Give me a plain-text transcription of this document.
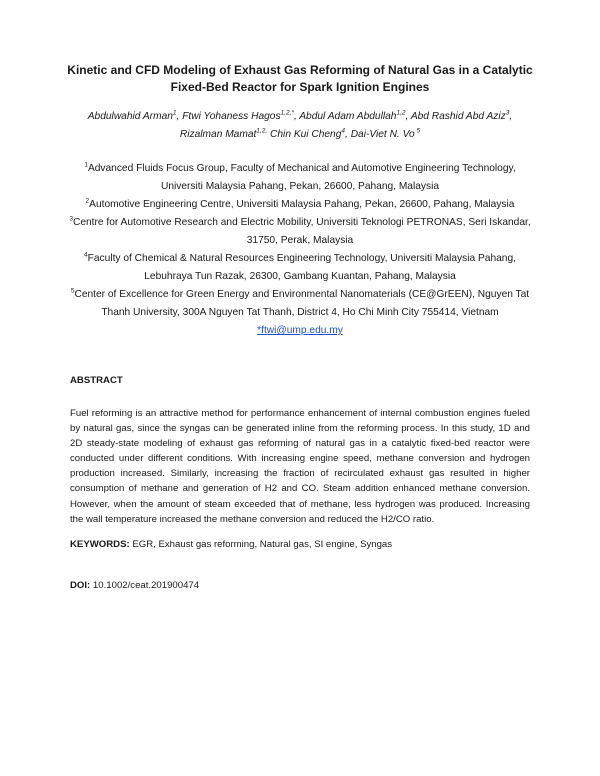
Kinetic and CFD Modeling of Exhaust Gas Reforming of Natural Gas in a Catalytic
Fixed-Bed Reactor for Spark Ignition Engines
Abdulwahid Arman$^1$, Ftwi Yohaness Hagos$^{1,2,*}$, Abdul Adam Abdullah$^{1,2}$, Abd Rashid Abd Aziz$^3$,
Rizalman Mamat$^{1,2,}$ Chin Kui Cheng$^4$, Dai-Viet N. Vo $^5$

$^1$Advanced Fluids Focus Group, Faculty of Mechanical and Automotive Engineering Technology, Universiti Malaysia Pahang, Pekan, 26600, Pahang, Malaysia

$^2$Automotive Engineering Centre, Universiti Malaysia Pahang, Pekan, 26600, Pahang, Malaysia

$^3$Centre for Automotive Research and Electric Mobility, Universiti Teknologi PETRONAS, Seri Iskandar, 31750, Perak, Malaysia

$^4$Faculty of Chemical & Natural Resources Engineering Technology, Universiti Malaysia Pahang, Lebuhraya Tun Razak, 26300, Gambang Kuantan, Pahang, Malaysia

$^5$Center of Excellence for Green Energy and Environmental Nanomaterials (CE@GrEEN), Nguyen Tat Thanh University, 300A Nguyen Tat Thanh, District 4, Ho Chi Minh City 755414, Vietnam

*ftwi@ump.edu.my
ABSTRACT

Fuel reforming is an attractive method for performance enhancement of internal combustion engines fueled by natural gas, since the syngas can be generated inline from the reforming process. In this study, 1D and 2D steady-state modeling of exhaust gas reforming of natural gas in a catalytic fixed-bed reactor were conducted under different conditions. With increasing engine speed, methane conversion and hydrogen production increased. Similarly, increasing the fraction of recirculated exhaust gas resulted in higher consumption of methane and generation of H2 and CO. Steam addition enhanced methane conversion. However, when the amount of steam exceeded that of methane, less hydrogen was produced. Increasing the wall temperature increased the methane conversion and reduced the H2/CO ratio.

KEYWORDS: EGR, Exhaust gas reforming, Natural gas, SI engine, Syngas
DOI: 10.1002/ceat.201900474
